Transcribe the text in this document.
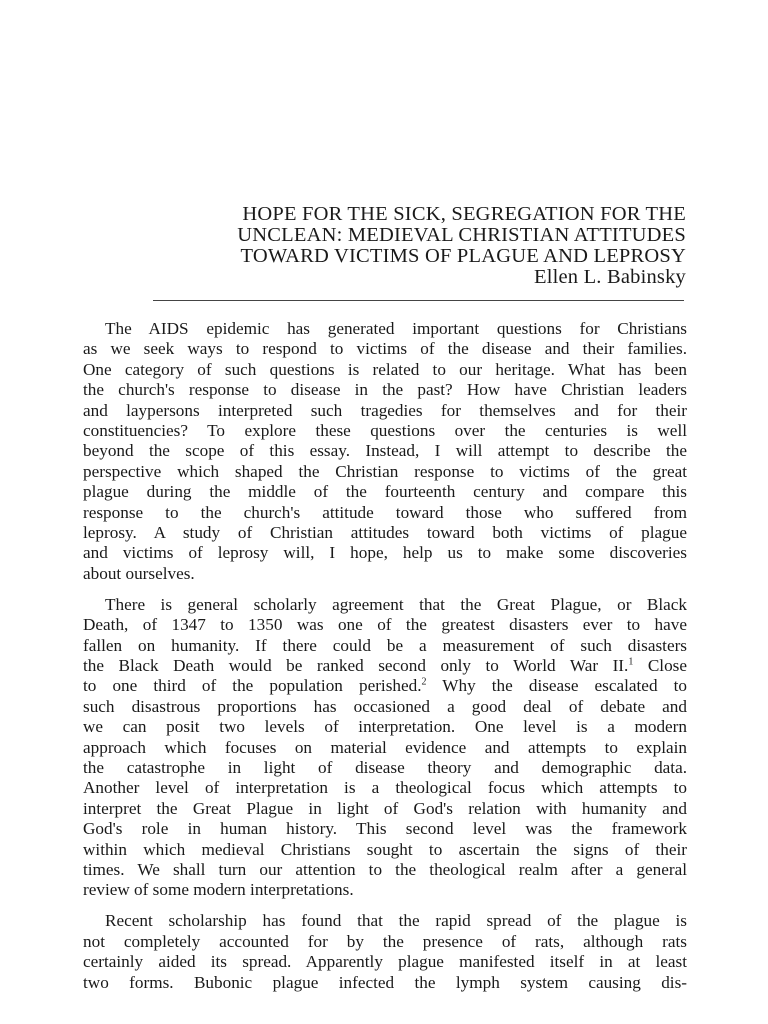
HOPE FOR THE SICK, SEGREGATION FOR THE
UNCLEAN: MEDIEVAL CHRISTIAN ATTITUDES
TOWARD VICTIMS OF PLAGUE AND LEPROSY
Ellen L. Babinsky
The AIDS epidemic has generated important questions for Christians
as we seek ways to respond to victims of the disease and their families.
One category of such questions is related to our heritage. What has been
the church's response to disease in the past? How have Christian leaders
and laypersons interpreted such tragedies for themselves and for their
constituencies? To explore these questions over the centuries is well
beyond the scope of this essay. Instead, I will attempt to describe the
perspective which shaped the Christian response to victims of the great
plague during the middle of the fourteenth century and compare this
response to the church's attitude toward those who suffered from
leprosy. A study of Christian attitudes toward both victims of plague
and victims of leprosy will, I hope, help us to make some discoveries
about ourselves.
There is general scholarly agreement that the Great Plague, or Black
Death, of 1347 to 1350 was one of the greatest disasters ever to have
fallen on humanity. If there could be a measurement of such disasters
the Black Death would be ranked second only to World War II.$^1$ Close
to one third of the population perished.$^2$ Why the disease escalated to
such disastrous proportions has occasioned a good deal of debate and
we can posit two levels of interpretation. One level is a modern
approach which focuses on material evidence and attempts to explain
the catastrophe in light of disease theory and demographic data.
Another level of interpretation is a theological focus which attempts to
interpret the Great Plague in light of God's relation with humanity and
God's role in human history. This second level was the framework
within which medieval Christians sought to ascertain the signs of their
times. We shall turn our attention to the theological realm after a general
review of some modern interpretations.
Recent scholarship has found that the rapid spread of the plague is
not completely accounted for by the presence of rats, although rats
certainly aided its spread. Apparently plague manifested itself in at least
two forms. Bubonic plague infected the lymph system causing dis-
